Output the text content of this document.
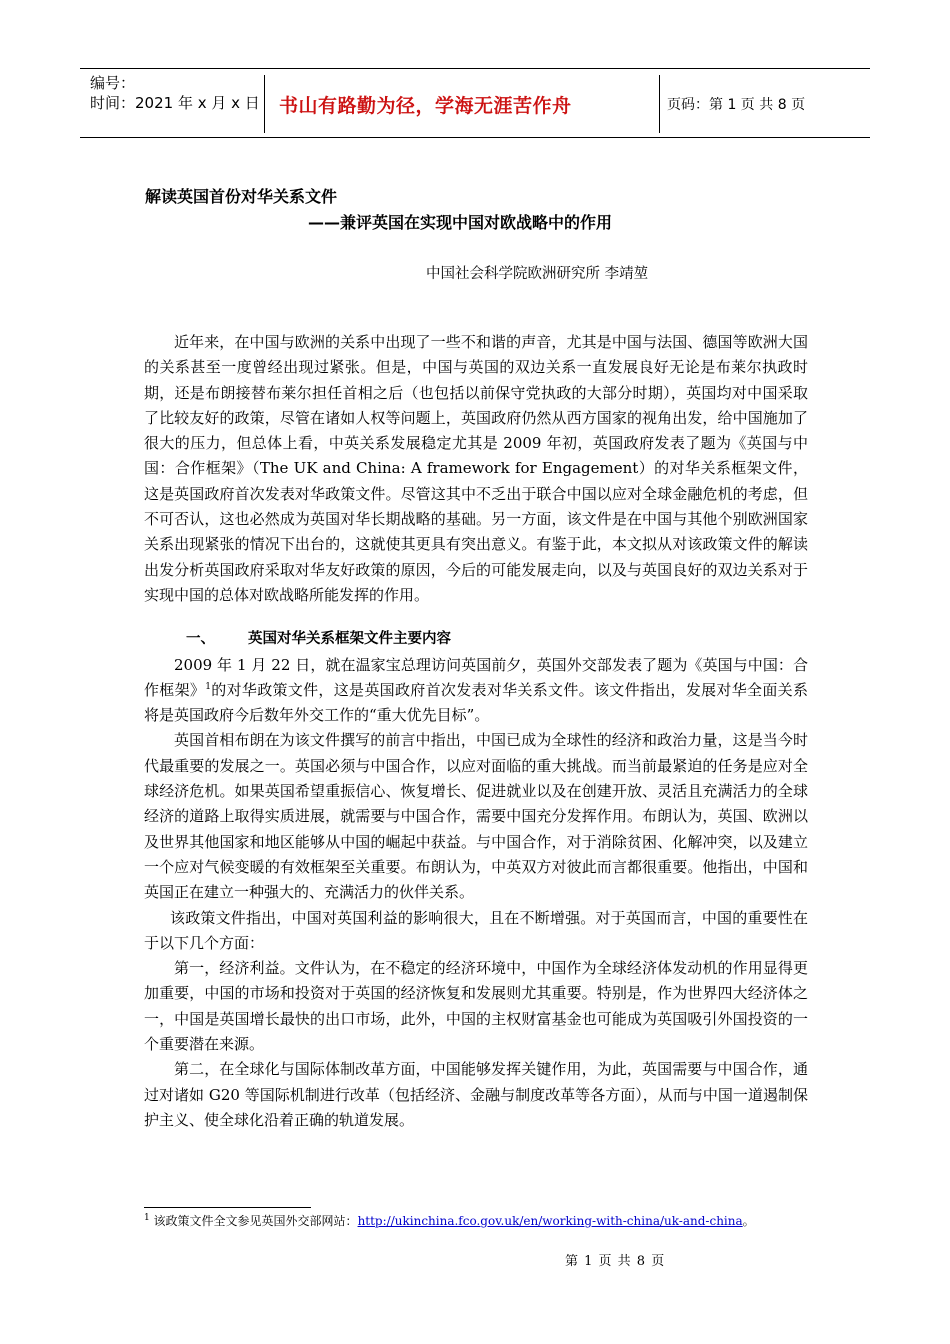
编号：
时间：2021 年 x 月 x 日 书山有路勤为径，学海无涯苦作舟	页码：第 1 页 共 8 页
解读英国首份对华关系文件
——兼评英国在实现中国对欧战略中的作用
中国社会科学院欧洲研究所 李靖堃

近年来，在中国与欧洲的关系中出现了一些不和谐的声音，尤其是中国与法国、德国等欧洲大国的关系甚至一度曾经出现过紧张。但是，中国与英国的双边关系一直发展良好无论是布莱尔执政时期，还是布朗接替布莱尔担任首相之后（也包括以前保守党执政的大部分时期），英国均对中国采取了比较友好的政策，尽管在诸如人权等问题上，英国政府仍然从西方国家的视角出发，给中国施加了很大的压力，但总体上看，中英关系发展稳定尤其是 2009 年初，英国政府发表了题为《英国与中国：合作框架》（The UK and China: A framework for Engagement）的对华关系框架文件，这是英国政府首次发表对华政策文件。尽管这其中不乏出于联合中国以应对全球金融危机的考虑，但不可否认，这也必然成为英国对华长期战略的基础。另一方面，该文件是在中国与其他个别欧洲国家关系出现紧张的情况下出台的，这就使其更具有突出意义。有鉴于此，本文拟从对该政策文件的解读出发分析英国政府采取对华友好政策的原因，今后的可能发展走向，以及与英国良好的双边关系对于实现中国的总体对欧战略所能发挥的作用。

一、 英国对华关系框架文件主要内容

2009 年 1 月 22 日，就在温家宝总理访问英国前夕，英国外交部发表了题为《英国与中国：合作框架》$^1$的对华政策文件，这是英国政府首次发表对华关系文件。该文件指出，发展对华全面关系将是英国政府今后数年外交工作的“重大优先目标”。

英国首相布朗在为该文件撰写的前言中指出，中国已成为全球性的经济和政治力量，这是当今时代最重要的发展之一。英国必须与中国合作，以应对面临的重大挑战。而当前最紧迫的任务是应对全球经济危机。如果英国希望重振信心、恢复增长、促进就业以及在创建开放、灵活且充满活力的全球经济的道路上取得实质进展，就需要与中国合作，需要中国充分发挥作用。布朗认为，英国、欧洲以及世界其他国家和地区能够从中国的崛起中获益。与中国合作，对于消除贫困、化解冲突，以及建立一个应对气候变暖的有效框架至关重要。布朗认为，中英双方对彼此而言都很重要。他指出，中国和英国正在建立一种强大的、充满活力的伙伴关系。

该政策文件指出，中国对英国利益的影响很大，且在不断增强。对于英国而言，中国的重要性在于以下几个方面：

第一，经济利益。文件认为，在不稳定的经济环境中，中国作为全球经济体发动机的作用显得更加重要，中国的市场和投资对于英国的经济恢复和发展则尤其重要。特别是，作为世界四大经济体之一，中国是英国增长最快的出口市场，此外，中国的主权财富基金也可能成为英国吸引外国投资的一个重要潜在来源。

第二，在全球化与国际体制改革方面，中国能够发挥关键作用，为此，英国需要与中国合作，通过对诸如 G20 等国际机制进行改革（包括经济、金融与制度改革等各方面），从而与中国一道遏制保护主义、使全球化沿着正确的轨道发展。

$^1$ 该政策文件全文参见英国外交部网站：http://ukinchina.fco.gov.uk/en/working-with-china/uk-and-china。
第 1 页 共 8 页
